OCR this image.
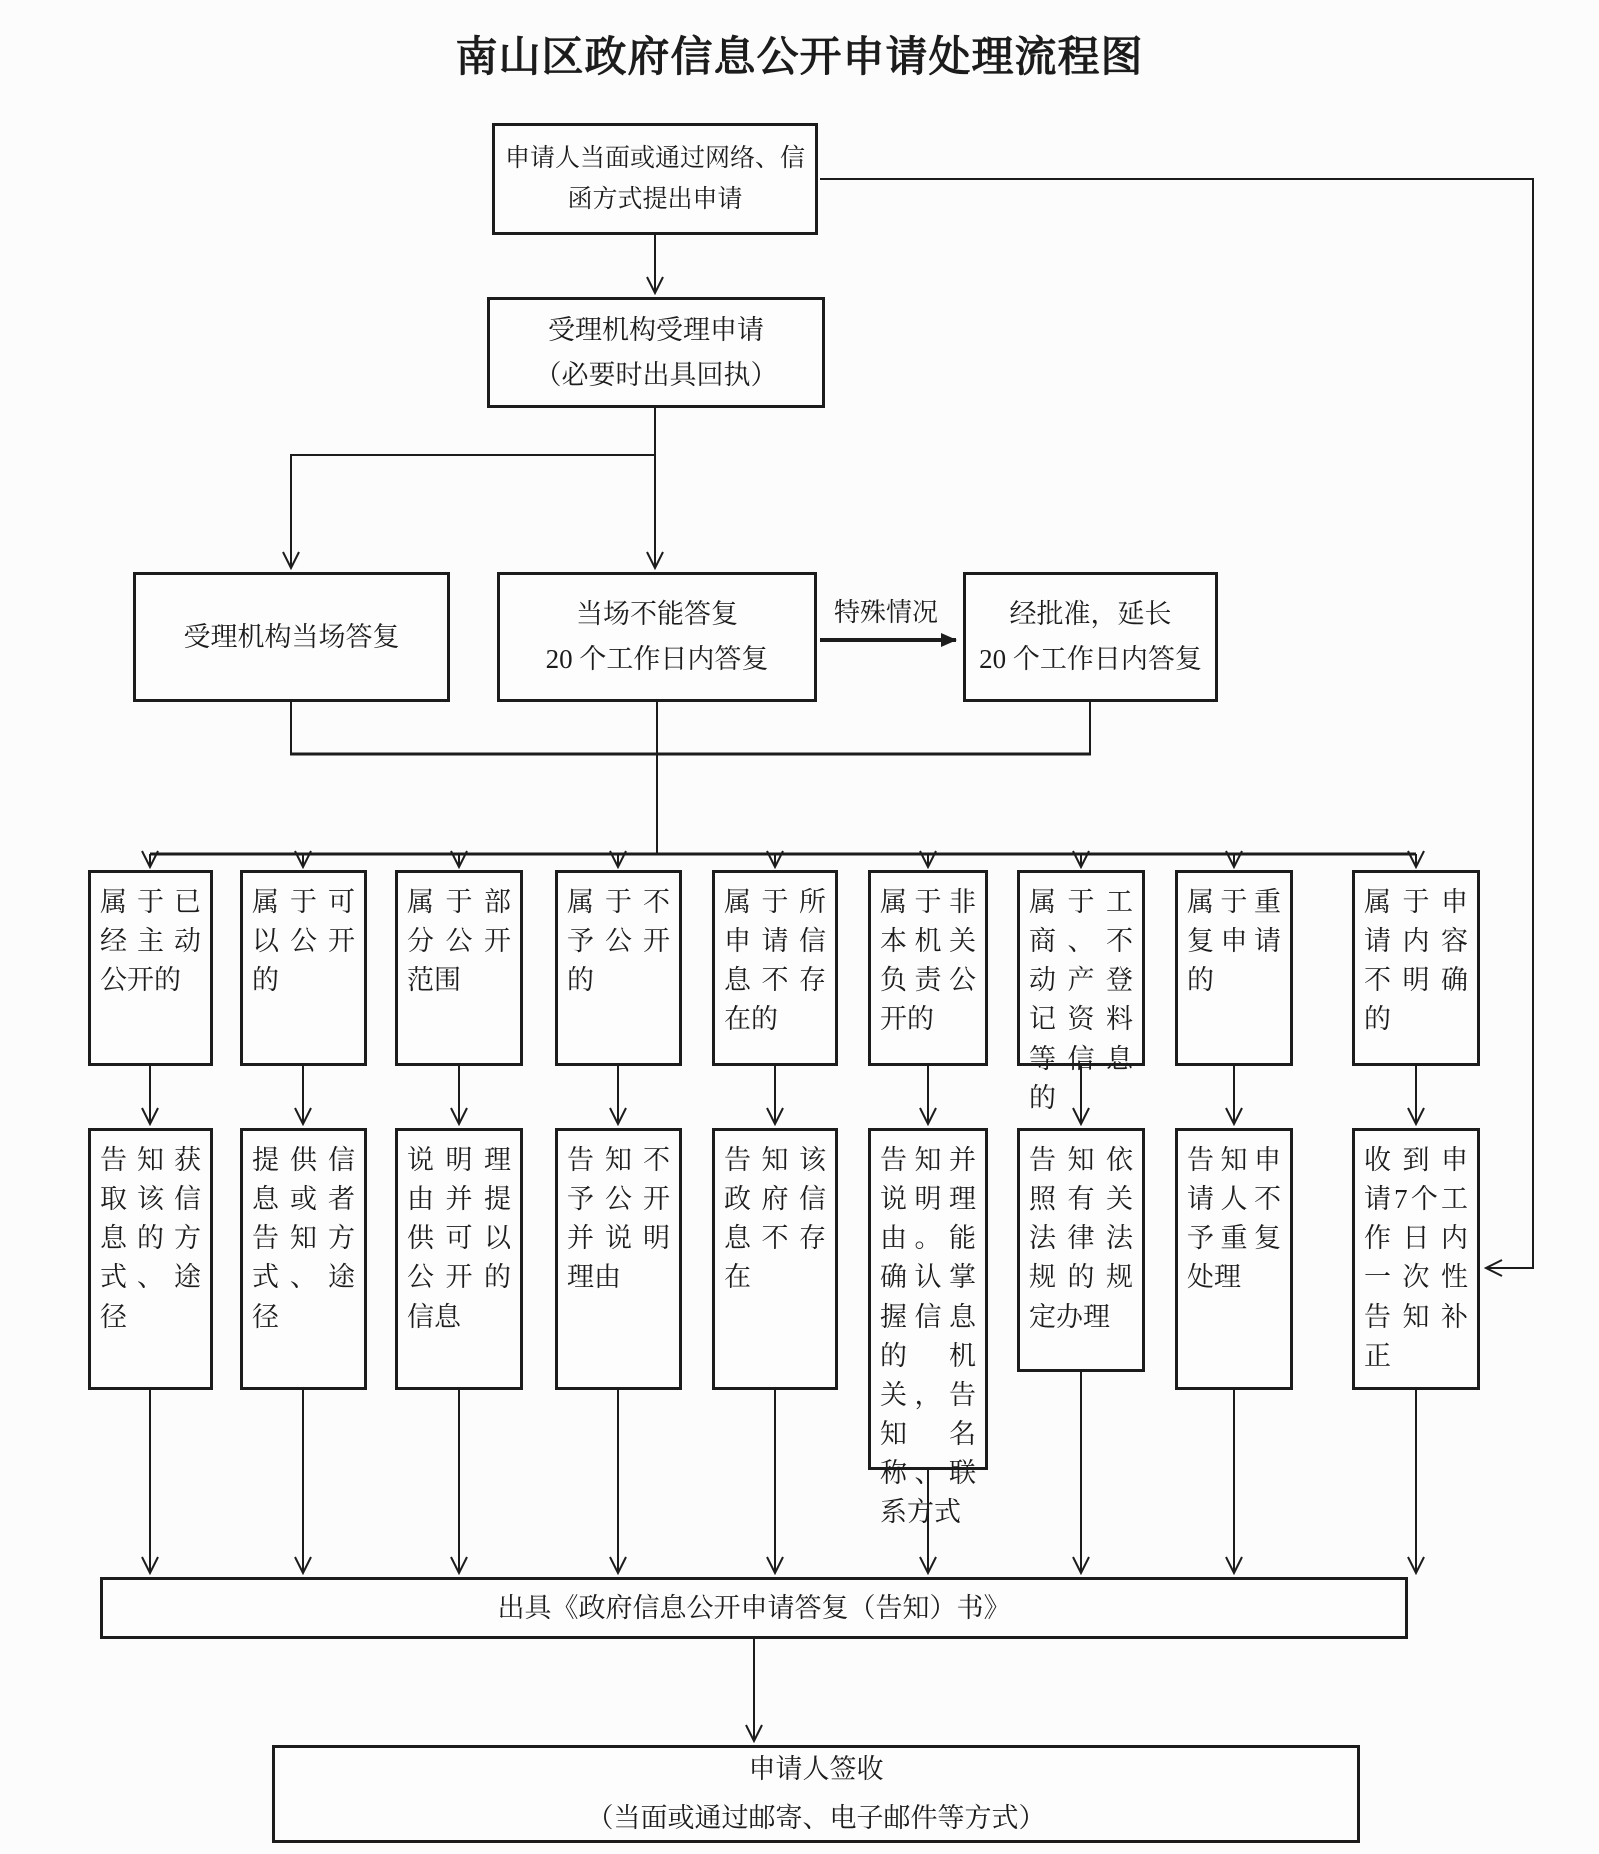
南山区政府信息公开申请处理流程图
申请人当面或通过网络、信函方式提出申请
受理机构受理申请
（必要时出具回执）
受理机构当场答复
当场不能答复
20 个工作日内答复
特殊情况	经批准，延长
20 个工作日内答复
属于已经主动公开的
属于可以公开的
属于部分公开范围
属于不予公开的
属于所申请信息不存在的
属于非本机关负责公开的
属于工商、不动产登记资料等信息的
属于重复申请的
属于申请内容不明确的
告知获取该信息的方式、途径
提供信息或者告知方式、途径
说明理由并提供可以公开的信息
告知不予公开并说明理由
告知该政府信息不存在
告知并说明理由。能确认掌握信息的机关，告知名称、联系方式
告知依照有关法律法规的规定办理
告知申请人不予重复处理
收到申请7个工作日内一次性告知补正
出具《政府信息公开申请答复（告知）书》
申请人签收
（当面或通过邮寄、电子邮件等方式）
